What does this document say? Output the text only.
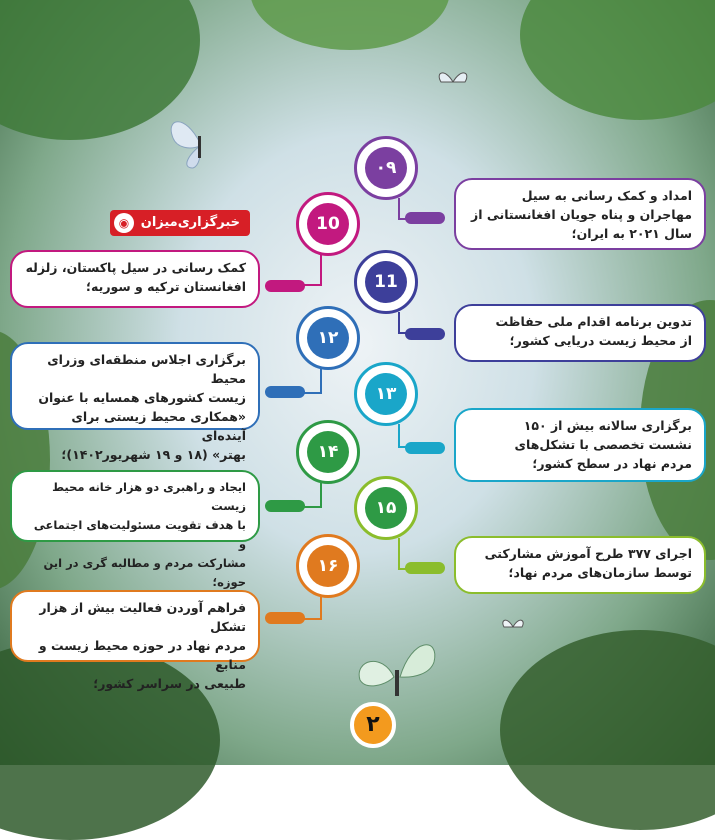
خبرگزاری‌میزان
◉
۰۹
امداد و کمک رسانی به سیل
مهاجران و پناه جویان افغانستانی از
سال ۲۰۲۱ به ایران؛
10
کمک رسانی در سیل پاکستان، زلزله
افغانستان ترکیه و سوریه؛	11
تدوین برنامه اقدام ملی حفاظت
از محیط زیست دریایی کشور؛
۱۲
برگزاری اجلاس منطقه‌ای وزرای محیط
زیست کشورهای همسایه با عنوان
«همکاری محیط زیستی برای آینده‌ای
بهتر» (۱۸ و ۱۹ شهریور۱۴۰۲)؛
۱۳
برگزاری سالانه بیش از ۱۵۰
نشست تخصصی با تشکل‌های
مردم نهاد در سطح کشور؛
۱۴
ایجاد و راهبری دو هزار خانه محیط زیست
با هدف تقویت مسئولیت‌های اجتماعی و
مشارکت مردم و مطالبه گری در این حوزه؛
۱۵
اجرای ۳۷۷ طرح آموزش مشارکتی
توسط سازمان‌های مردم نهاد؛
۱۶
فراهم آوردن فعالیت بیش از هزار تشکل
مردم نهاد در حوزه محیط زیست و منابع
طبیعی در سراسر کشور؛
۲
